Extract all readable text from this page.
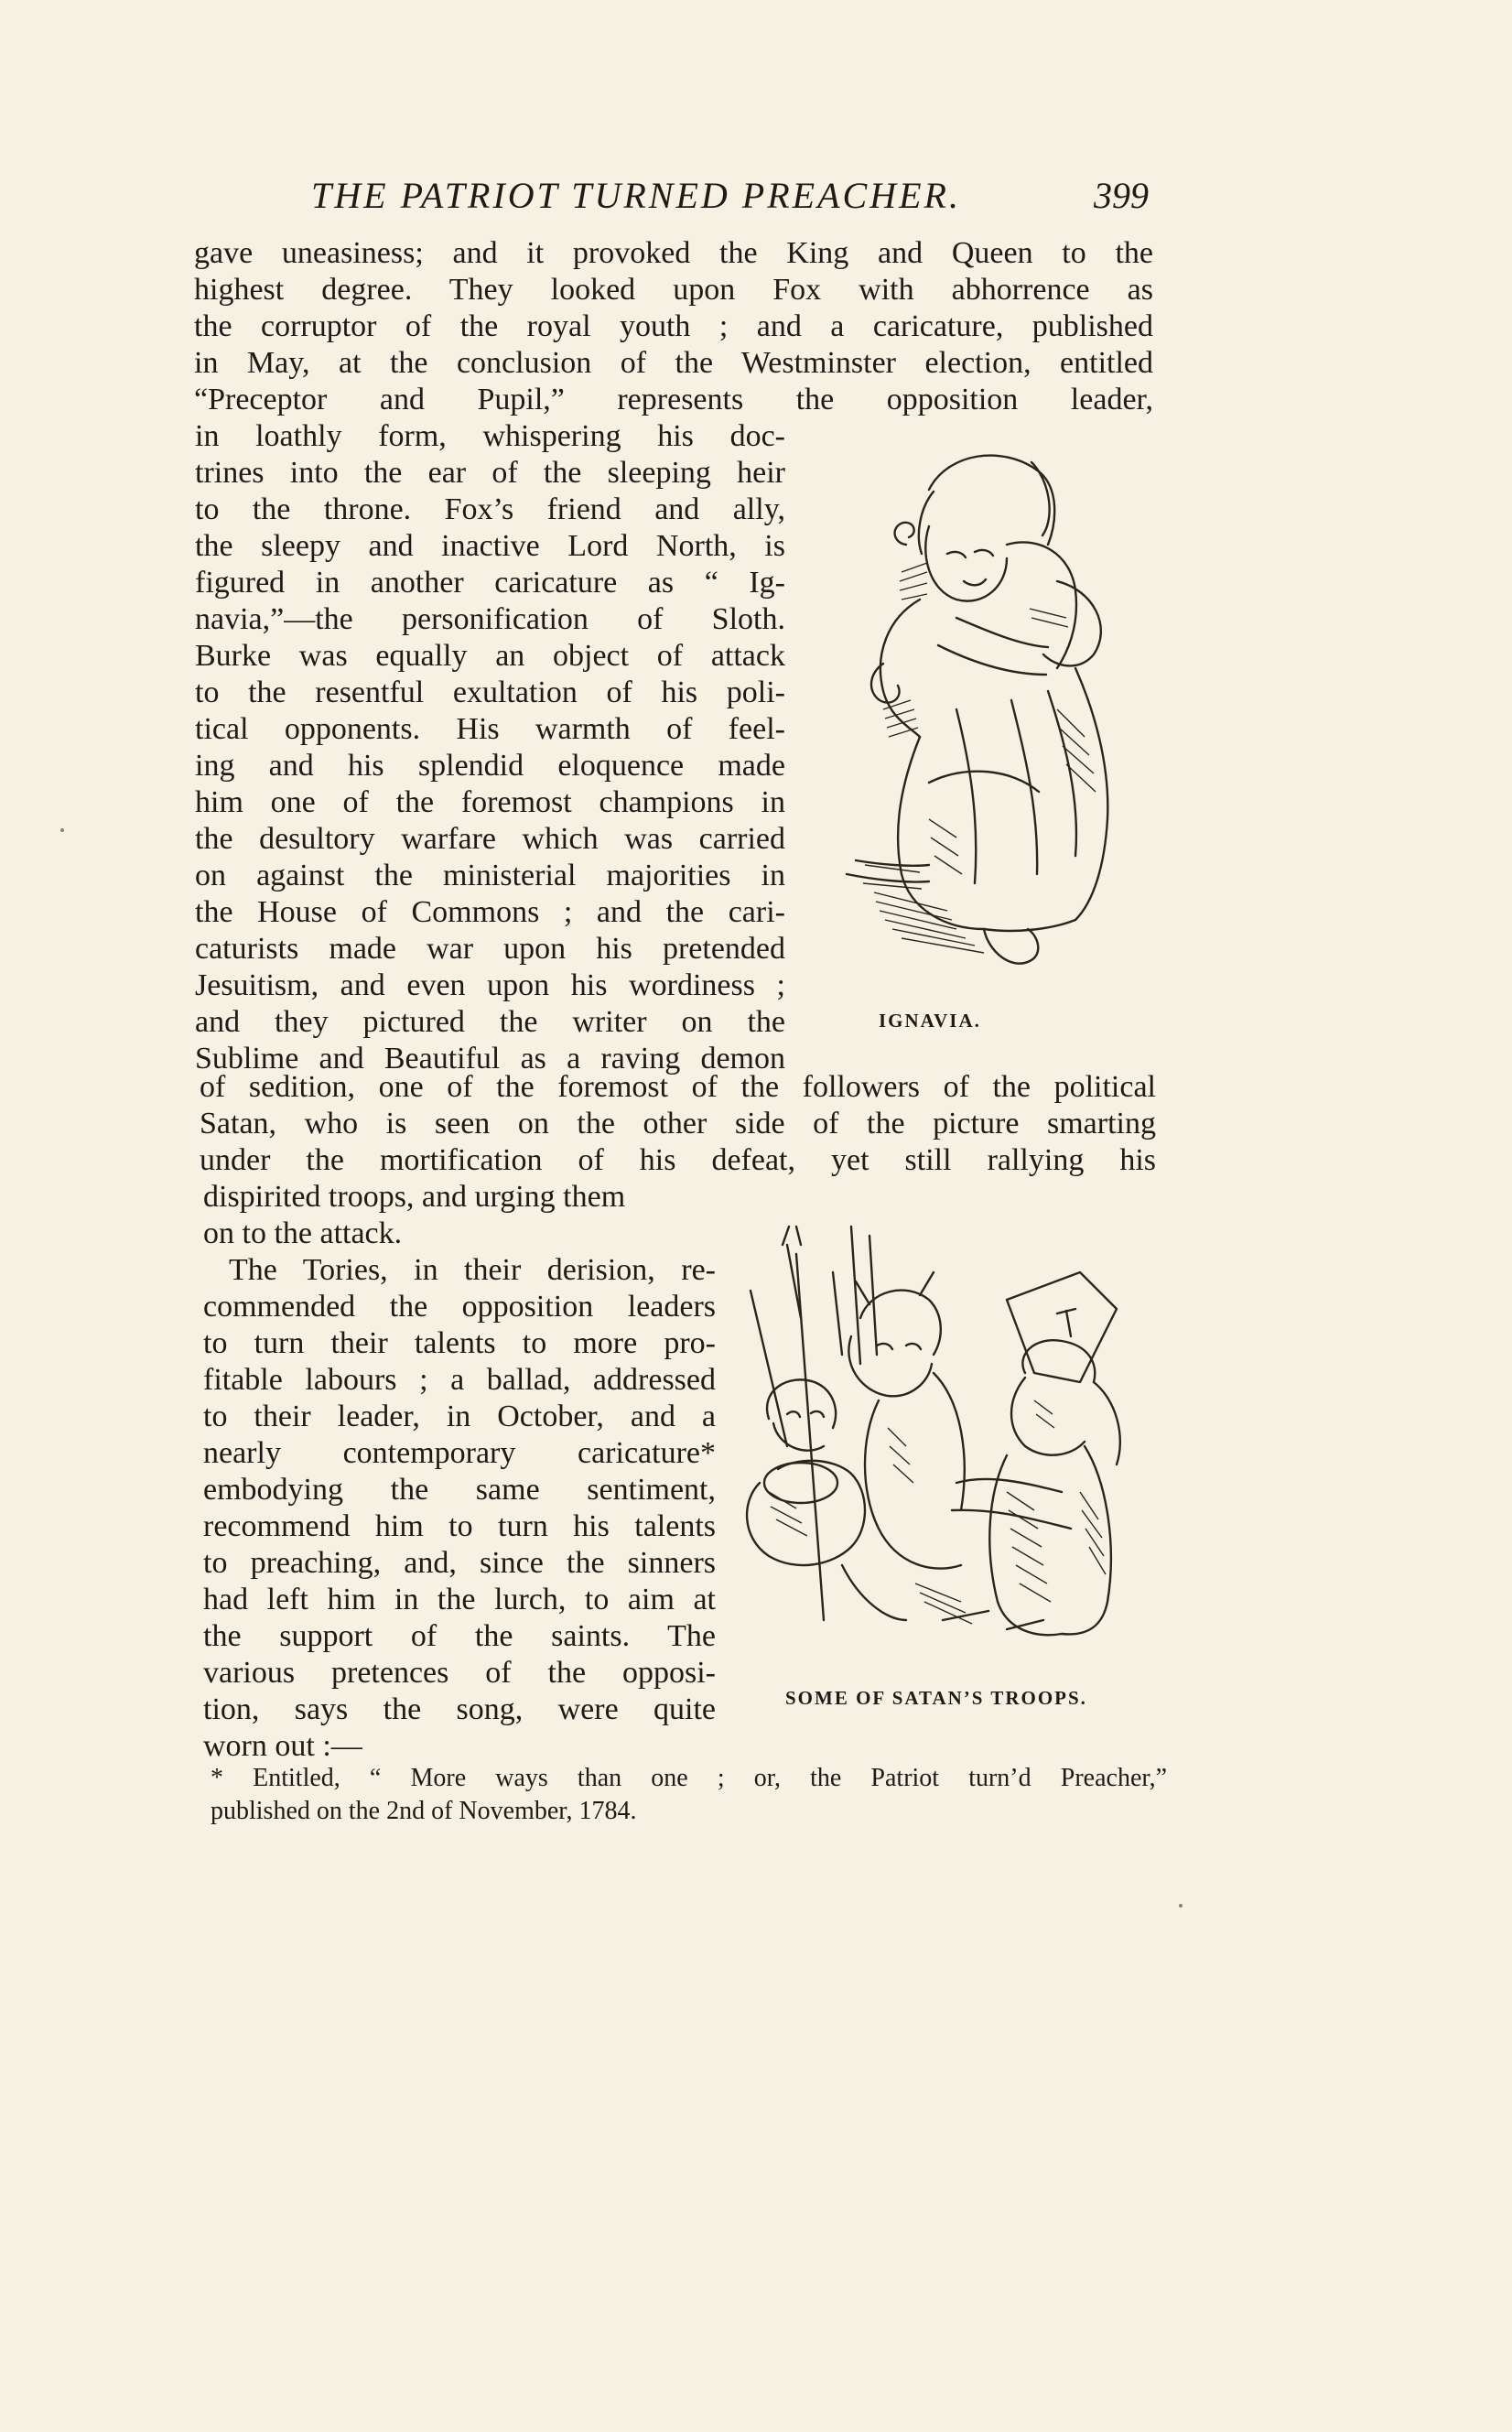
THE PATRIOT TURNED PREACHER.	399
gave uneasiness; and it provoked the King and Queen to the
highest degree. They looked upon Fox with abhorrence as
the corruptor of the royal youth ; and a caricature, published
in May, at the conclusion of the Westminster election, entitled
“Preceptor and Pupil,” represents the opposition leader,
in loathly form, whispering his doc-
trines into the ear of the sleeping heir
to the throne. Fox’s friend and ally,
the sleepy and inactive Lord North, is
figured in another caricature as “ Ig-
navia,”—the personification of Sloth.
Burke was equally an object of attack
to the resentful exultation of his poli-
tical opponents. His warmth of feel-
ing and his splendid eloquence made
him one of the foremost champions in
the desultory warfare which was carried
on against the ministerial majorities in
the House of Commons ; and the cari-
caturists made war upon his pretended
Jesuitism, and even upon his wordiness ;
and they pictured the writer on the
Sublime and Beautiful as a raving demon
of sedition, one of the foremost of the followers of the political
Satan, who is seen on the other side of the picture smarting
under the mortification of his defeat, yet still rallying his
dispirited troops, and urging them
on to the attack.
The Tories, in their derision, re-
commended the opposition leaders
to turn their talents to more pro-
fitable labours ; a ballad, addressed
to their leader, in October, and a
nearly contemporary caricature*
embodying the same sentiment,
recommend him to turn his talents
to preaching, and, since the sinners
had left him in the lurch, to aim at
the support of the saints. The
various pretences of the opposi-
tion, says the song, were quite
worn out :—
IGNAVIA.
SOME OF SATAN’S TROOPS.
* Entitled, “ More ways than one ; or, the Patriot turn’d Preacher,”
published on the 2nd of November, 1784.
